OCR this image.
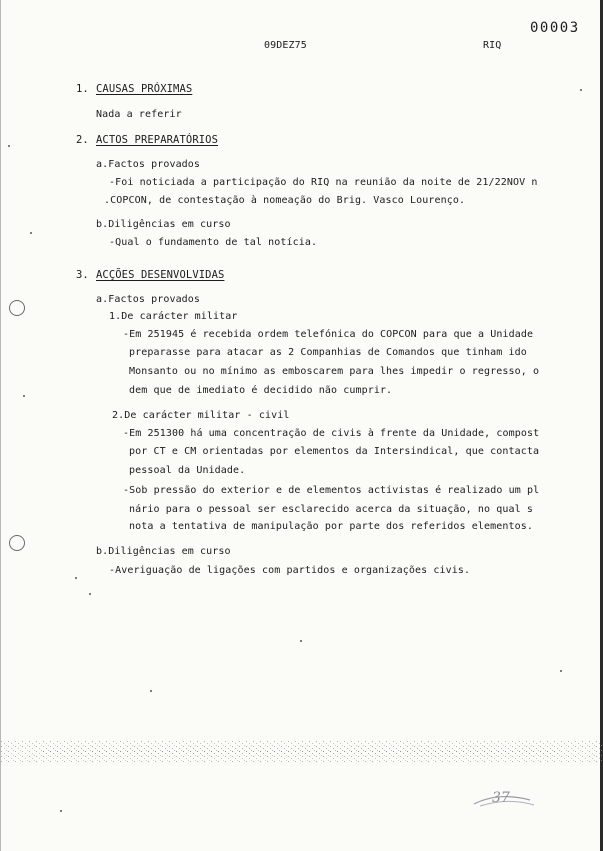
09DEZ75	RIQ
00003
1. CAUSAS PRÓXIMAS
Nada a referir
2. ACTOS PREPARATÓRIOS
a.Factos provados
-Foi noticiada a participação do RIQ na reunião da noite de 21/22NOV n
.COPCON, de contestação à nomeação do Brig. Vasco Lourenço.
b.Diligências em curso
-Qual o fundamento de tal notícia.
3. ACÇÕES DESENVOLVIDAS
a.Factos provados
1.De carácter militar
-Em 251945 é recebida ordem telefónica do COPCON para que a Unidade
preparasse para atacar as 2 Companhias de Comandos que tinham ido
Monsanto ou no mínimo as emboscarem para lhes impedir o regresso, o
dem que de imediato é decidido não cumprir.
2.De carácter militar - civil
-Em 251300 há uma concentração de civis à frente da Unidade, compost
por CT e CM orientadas por elementos da Intersindical, que contacta
pessoal da Unidade.
-Sob pressão do exterior e de elementos activistas é realizado um pl
nário para o pessoal ser esclarecido acerca da situação, no qual s
nota a tentativa de manipulação por parte dos referidos elementos.
b.Diligências em curso
-Averiguação de ligações com partidos e organizações civis.
37
